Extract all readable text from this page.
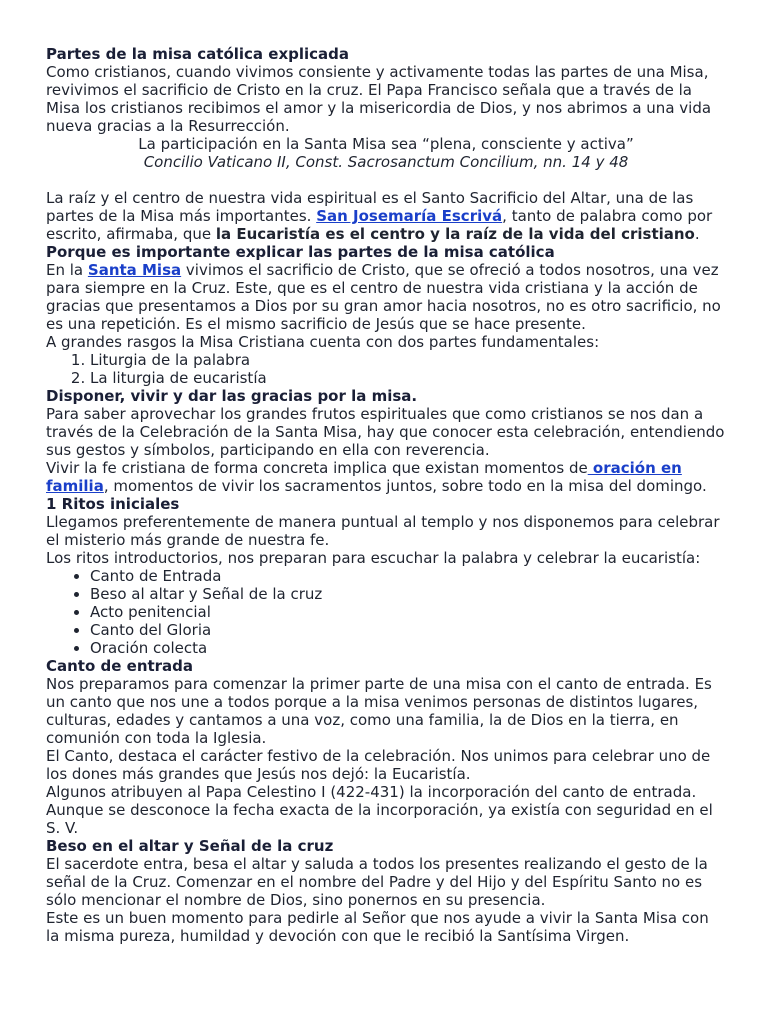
Partes de la misa católica explicada

Como cristianos, cuando vivimos consiente y activamente todas las partes de una Misa, revivimos el sacrificio de Cristo en la cruz. El Papa Francisco señala que a través de la Misa los cristianos recibimos el amor y la misericordia de Dios, y nos abrimos a una vida nueva gracias a la Resurrección.

La participación en la Santa Misa sea “plena, consciente y activa”

Concilio Vaticano II, Const. Sacrosanctum Concilium, nn. 14 y 48

La raíz y el centro de nuestra vida espiritual es el Santo Sacrificio del Altar, una de las partes de la Misa más importantes. San Josemaría Escrivá, tanto de palabra como por escrito, afirmaba, que la Eucaristía es el centro y la raíz de la vida del cristiano.

Porque es importante explicar las partes de la misa católica

En la Santa Misa vivimos el sacrificio de Cristo, que se ofreció a todos nosotros, una vez para siempre en la Cruz. Este, que es el centro de nuestra vida cristiana y la acción de gracias que presentamos a Dios por su gran amor hacia nosotros, no es otro sacrificio, no es una repetición. Es el mismo sacrificio de Jesús que se hace presente.

A grandes rasgos la Misa Cristiana cuenta con dos partes fundamentales:

1. Liturgia de la palabra
2. La liturgia de eucaristía

Disponer, vivir y dar las gracias por la misa.

Para saber aprovechar los grandes frutos espirituales que como cristianos se nos dan a través de la Celebración de la Santa Misa, hay que conocer esta celebración, entendiendo sus gestos y símbolos, participando en ella con reverencia.

Vivir la fe cristiana de forma concreta implica que existan momentos de oración en familia, momentos de vivir los sacramentos juntos, sobre todo en la misa del domingo.

1 Ritos iniciales

Llegamos preferentemente de manera puntual al templo y nos disponemos para celebrar el misterio más grande de nuestra fe.

Los ritos introductorios, nos preparan para escuchar la palabra y celebrar la eucaristía:

• Canto de Entrada
• Beso al altar y Señal de la cruz
• Acto penitencial
• Canto del Gloria
• Oración colecta

Canto de entrada

Nos preparamos para comenzar la primer parte de una misa con el canto de entrada. Es un canto que nos une a todos porque a la misa venimos personas de distintos lugares, culturas, edades y cantamos a una voz, como una familia, la de Dios en la tierra, en comunión con toda la Iglesia.

El Canto, destaca el carácter festivo de la celebración. Nos unimos para celebrar uno de los dones más grandes que Jesús nos dejó: la Eucaristía.

Algunos atribuyen al Papa Celestino I (422-431) la incorporación del canto de entrada. Aunque se desconoce la fecha exacta de la incorporación, ya existía con seguridad en el S. V.

Beso en el altar y Señal de la cruz

El sacerdote entra, besa el altar y saluda a todos los presentes realizando el gesto de la señal de la Cruz. Comenzar en el nombre del Padre y del Hijo y del Espíritu Santo no es sólo mencionar el nombre de Dios, sino ponernos en su presencia.

Este es un buen momento para pedirle al Señor que nos ayude a vivir la Santa Misa con la misma pureza, humildad y devoción con que le recibió la Santísima Virgen.
